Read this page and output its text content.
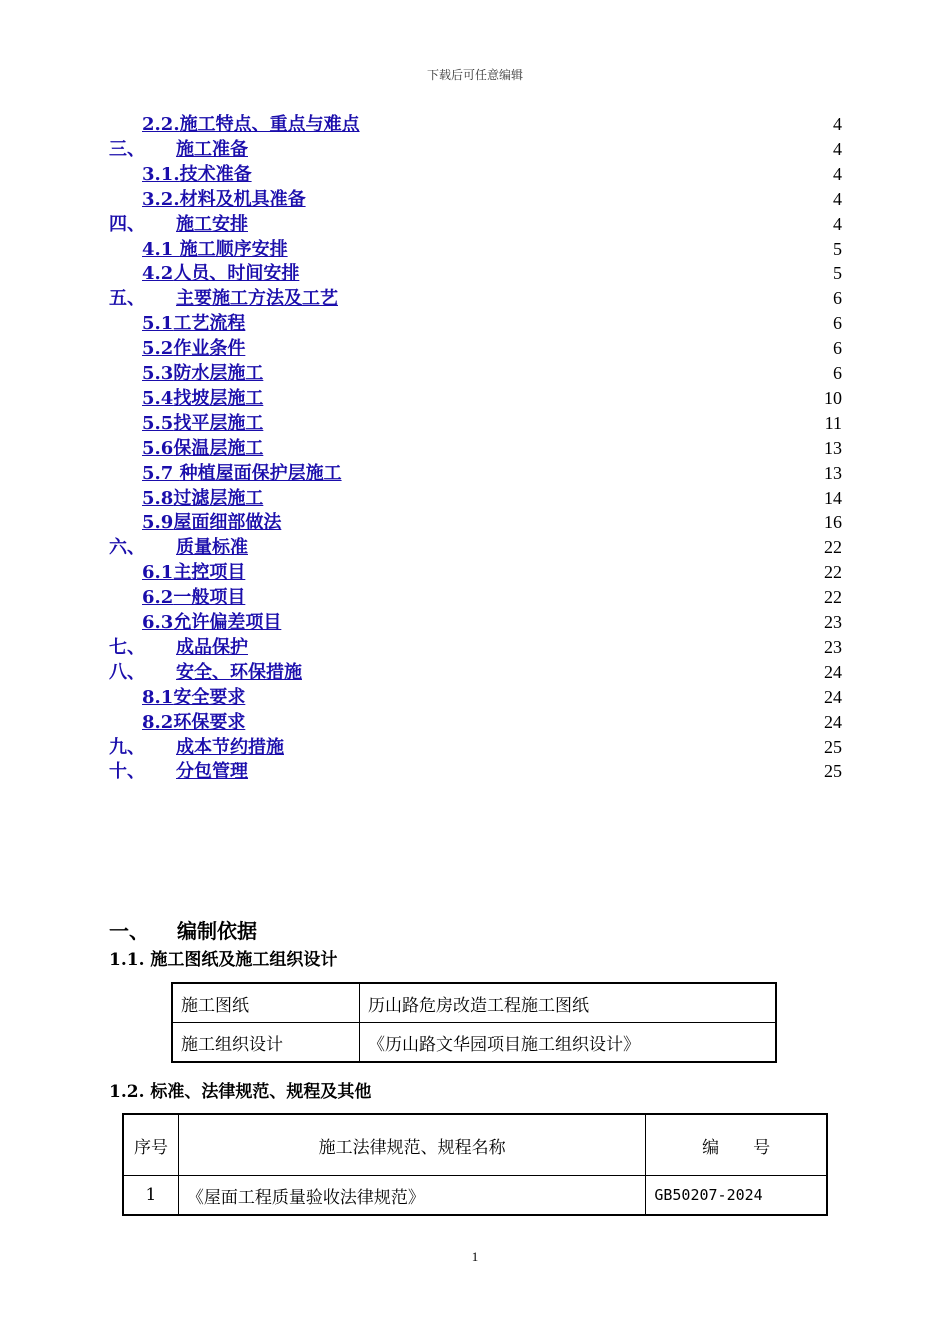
下载后可任意编辑
2.2.施工特点、重点与难点	4
三、 施工准备	4
3.1.技术准备	4
3.2.材料及机具准备	4
四、 施工安排	4
4.1 施工顺序安排	5
4.2人员、时间安排	5
五、 主要施工方法及工艺	6
5.1工艺流程	6
5.2作业条件	6
5.3防水层施工	6
5.4找坡层施工	10
5.5找平层施工	11
5.6保温层施工	13
5.7 种植屋面保护层施工	13
5.8过滤层施工	14
5.9屋面细部做法	16
六、 质量标准	22
6.1主控项目	22
6.2一般项目	22
6.3允许偏差项目	23
七、 成品保护	23
八、 安全、环保措施	24
8.1安全要求	24
8.2环保要求	24
九、 成本节约措施	25
十、 分包管理	25
一、 编制依据
1.1. 施工图纸及施工组织设计
施工图纸	历山路危房改造工程施工图纸
施工组织设计	《历山路文华园项目施工组织设计》
1.2. 标准、法律规范、规程及其他
序号	施工法律规范、规程名称	编　　号
1	《屋面工程质量验收法律规范》	GB50207-2024
1
